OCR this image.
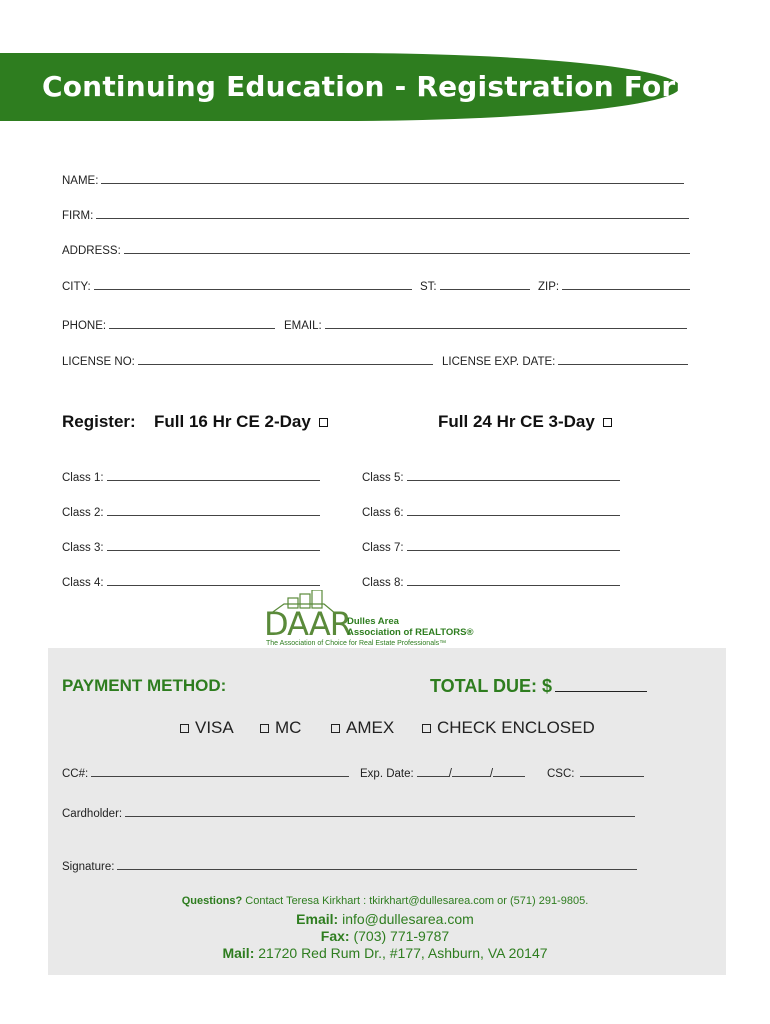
Continuing Education - Registration Form
NAME:
FIRM:
ADDRESS:
CITY:	ST:	ZIP:
PHONE:	EMAIL:
LICENSE NO:	LICENSE EXP. DATE:
Register: Full 16 Hr CE 2-Day	Full 24 Hr CE 3-Day
Class 1:
Class 2:
Class 3:
Class 4:
Class 5:
Class 6:
Class 7:
Class 8:
DAAR
Dulles Area
Association of REALTORS®
The Association of Choice for Real Estate Professionals™
PAYMENT METHOD:	TOTAL DUE: $
VISA	MC	AMEX	CHECK ENCLOSED
CC#:	Exp. Date:	/	/	CSC:
Cardholder:
Signature:
Questions? Contact Teresa Kirkhart : tkirkhart@dullesarea.com or (571) 291-9805.
Email: info@dullesarea.com
Fax: (703) 771-9787
Mail: 21720 Red Rum Dr., #177, Ashburn, VA 20147
